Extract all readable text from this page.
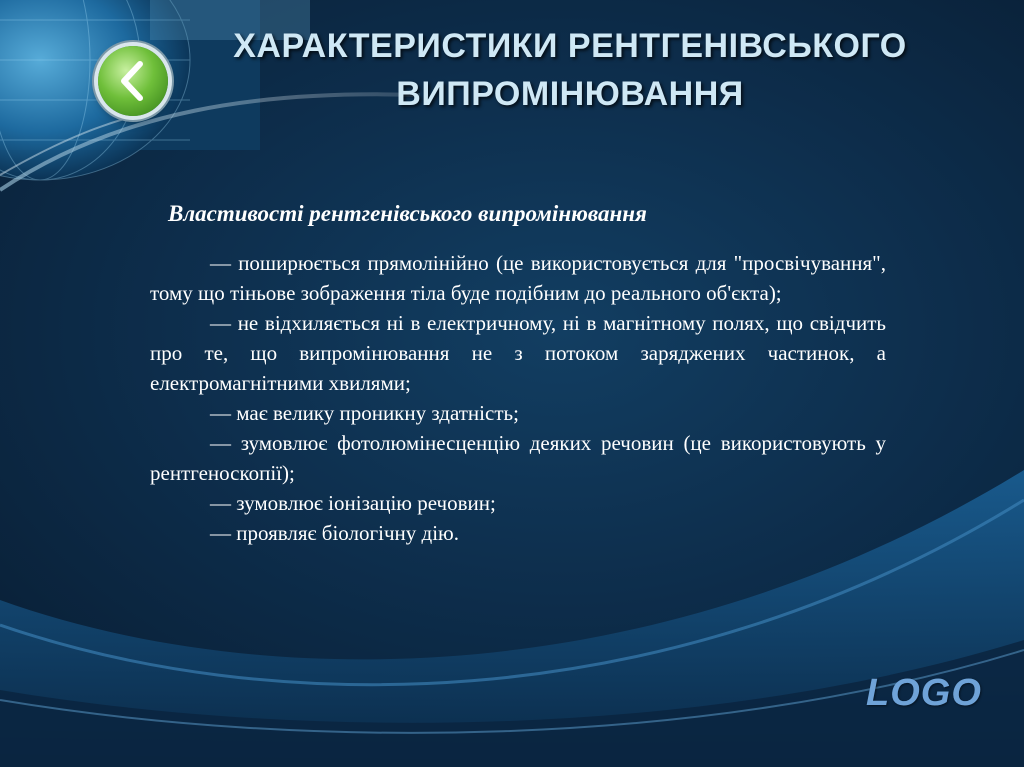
ХАРАКТЕРИСТИКИ РЕНТГЕНІВСЬКОГО
ВИПРОМІНЮВАННЯ

Властивості рентгенівського випромінювання

— поширюється прямолінійно (це використовується для "просвічування", тому що тіньове зображення тіла буде подібним до реального об'єкта);

— не відхиляється ні в електричному, ні в магнітному полях, що свідчить про те, що випромінювання не з потоком заряджених частинок, а електромагнітними хвилями;

— має велику проникну здатність;

— зумовлює фотолюмінесценцію деяких речовин (це використовують у рентгеноскопії);

— зумовлює іонізацію речовин;

— проявляє біологічну дію.

LOGO
